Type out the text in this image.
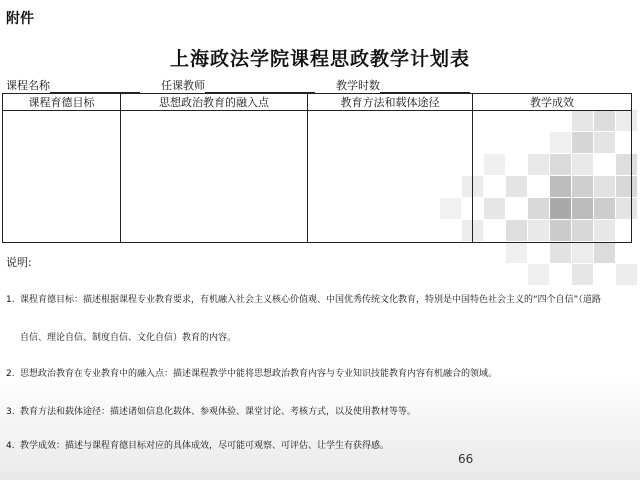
附件
上海政法学院课程思政教学计划表
课程名称	任课教师	教学时数
课程育德目标	思想政治教育的融入点	教育方法和载体途径	教学成效

说明:
1. 课程育德目标：描述根据课程专业教育要求，有机融入社会主义核心价值观、中国优秀传统文化教育，特别是中国特色社会主义的“四个自信”（道路
自信、理论自信、制度自信、文化自信）教育的内容。
2. 思想政治教育在专业教育中的融入点：描述课程教学中能将思想政治教育内容与专业知识技能教育内容有机融合的领域。
3. 教育方法和载体途径：描述诸如信息化载体、参观体验、课堂讨论、考核方式，以及使用教材等等。
4. 教学成效：描述与课程育德目标对应的具体成效，尽可能可观察、可评估、让学生有获得感。
66
